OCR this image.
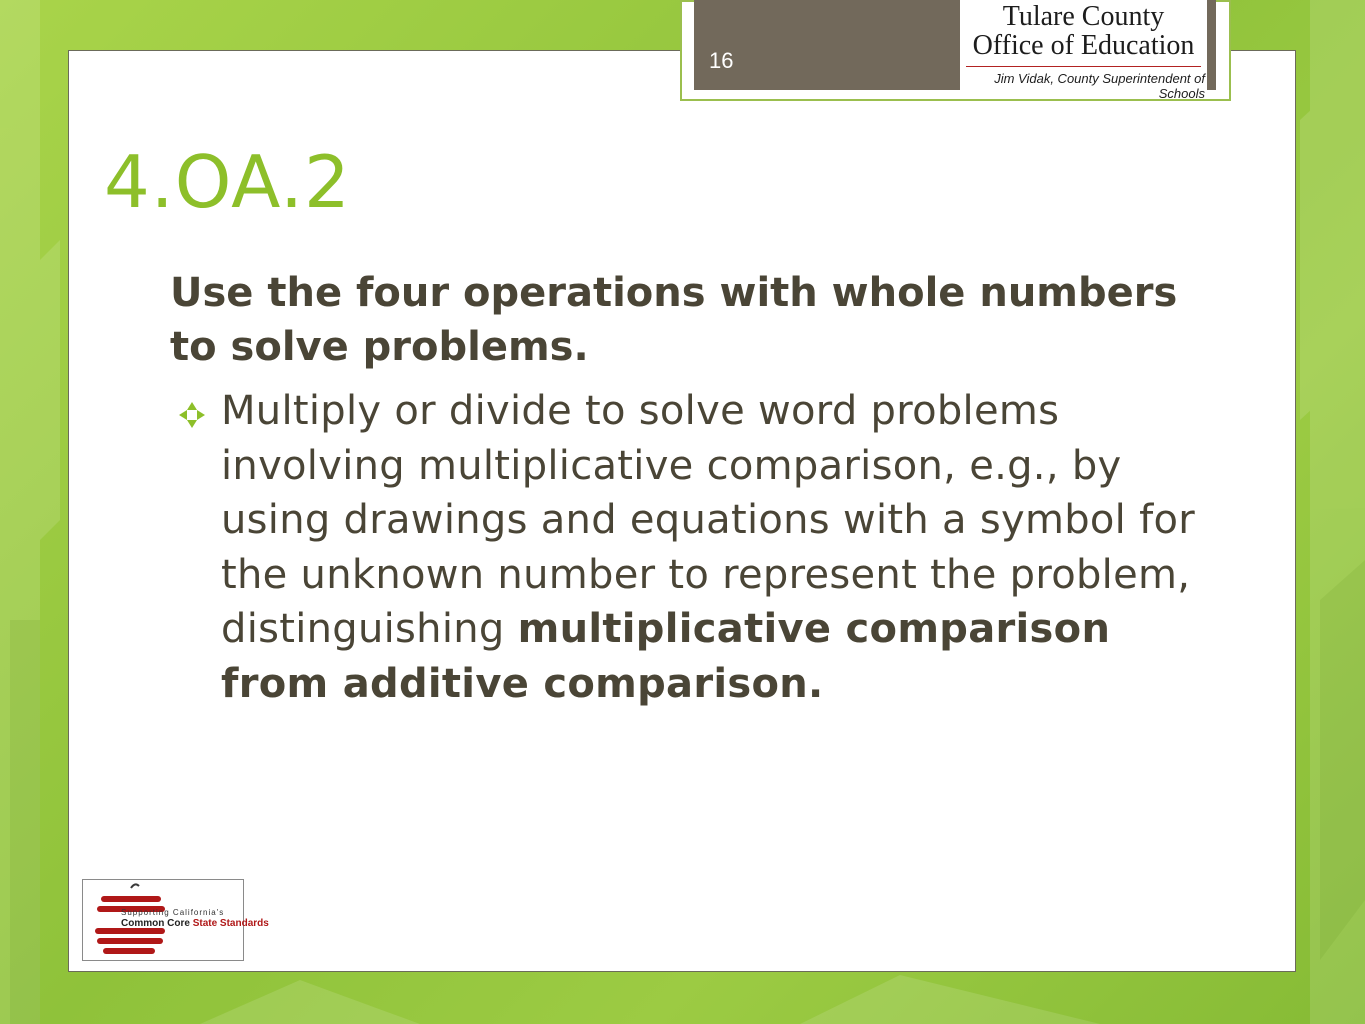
16
Tulare County
Office of Education
Jim Vidak, County Superintendent of Schools
4.OA.2
Use the four operations with whole numbers to solve problems.
Multiply or divide to solve word problems involving multiplicative comparison, e.g., by using drawings and equations with a symbol for the unknown number to represent the problem, distinguishing multiplicative comparison from additive comparison.
Supporting California's
Common Core State Standards
